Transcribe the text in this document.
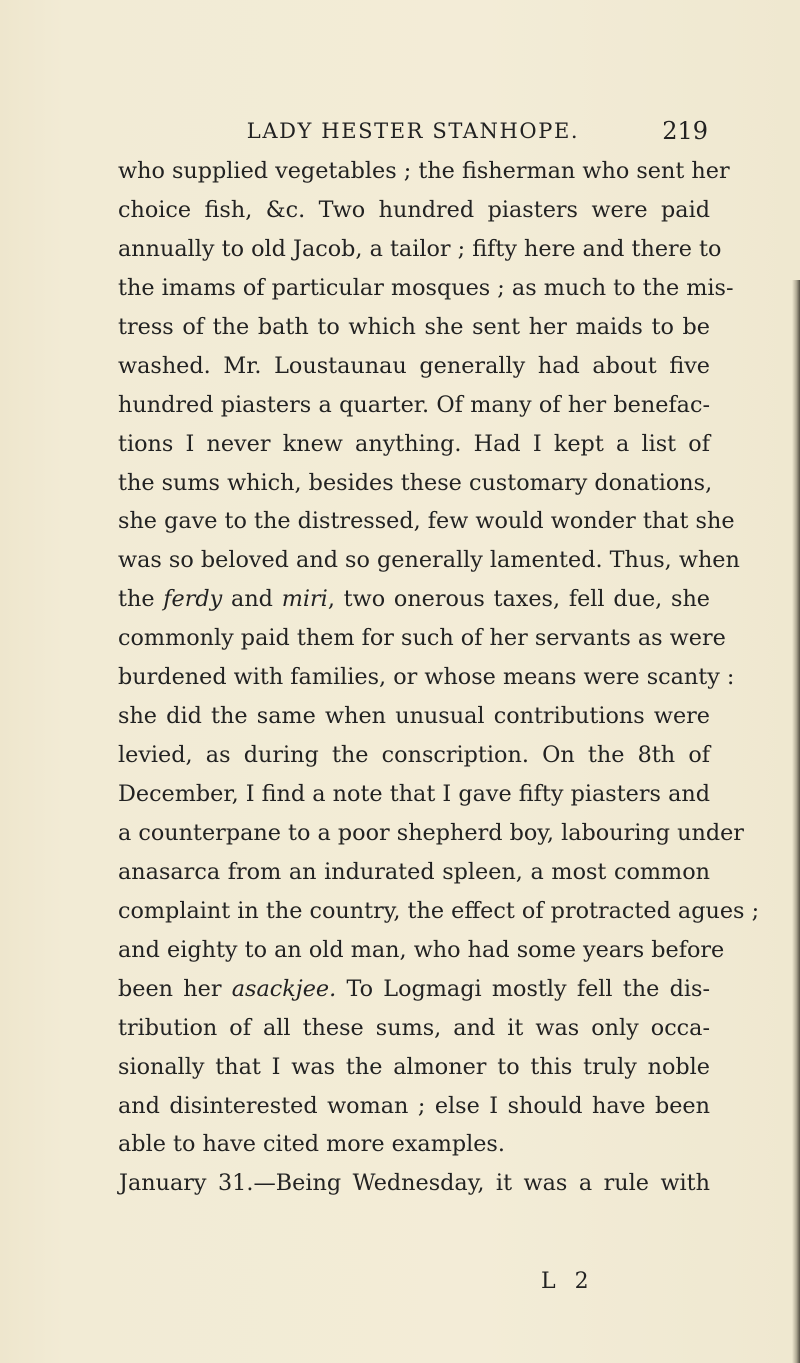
LADY HESTER STANHOPE.	219
who supplied vegetables ; the fisherman who sent her
choice fish, &c. Two hundred piasters were paid
annually to old Jacob, a tailor ; fifty here and there to
the imams of particular mosques ; as much to the mis-
tress of the bath to which she sent her maids to be
washed. Mr. Loustaunau generally had about five
hundred piasters a quarter. Of many of her benefac-
tions I never knew anything. Had I kept a list of
the sums which, besides these customary donations,
she gave to the distressed, few would wonder that she
was so beloved and so generally lamented. Thus, when
the ferdy and miri, two onerous taxes, fell due, she
commonly paid them for such of her servants as were
burdened with families, or whose means were scanty :
she did the same when unusual contributions were
levied, as during the conscription. On the 8th of
December, I find a note that I gave fifty piasters and
a counterpane to a poor shepherd boy, labouring under
anasarca from an indurated spleen, a most common
complaint in the country, the effect of protracted agues ;
and eighty to an old man, who had some years before
been her asackjee. To Logmagi mostly fell the dis-
tribution of all these sums, and it was only occa-
sionally that I was the almoner to this truly noble
and disinterested woman ; else I should have been
able to have cited more examples.
January 31.—Being Wednesday, it was a rule with
L 2
